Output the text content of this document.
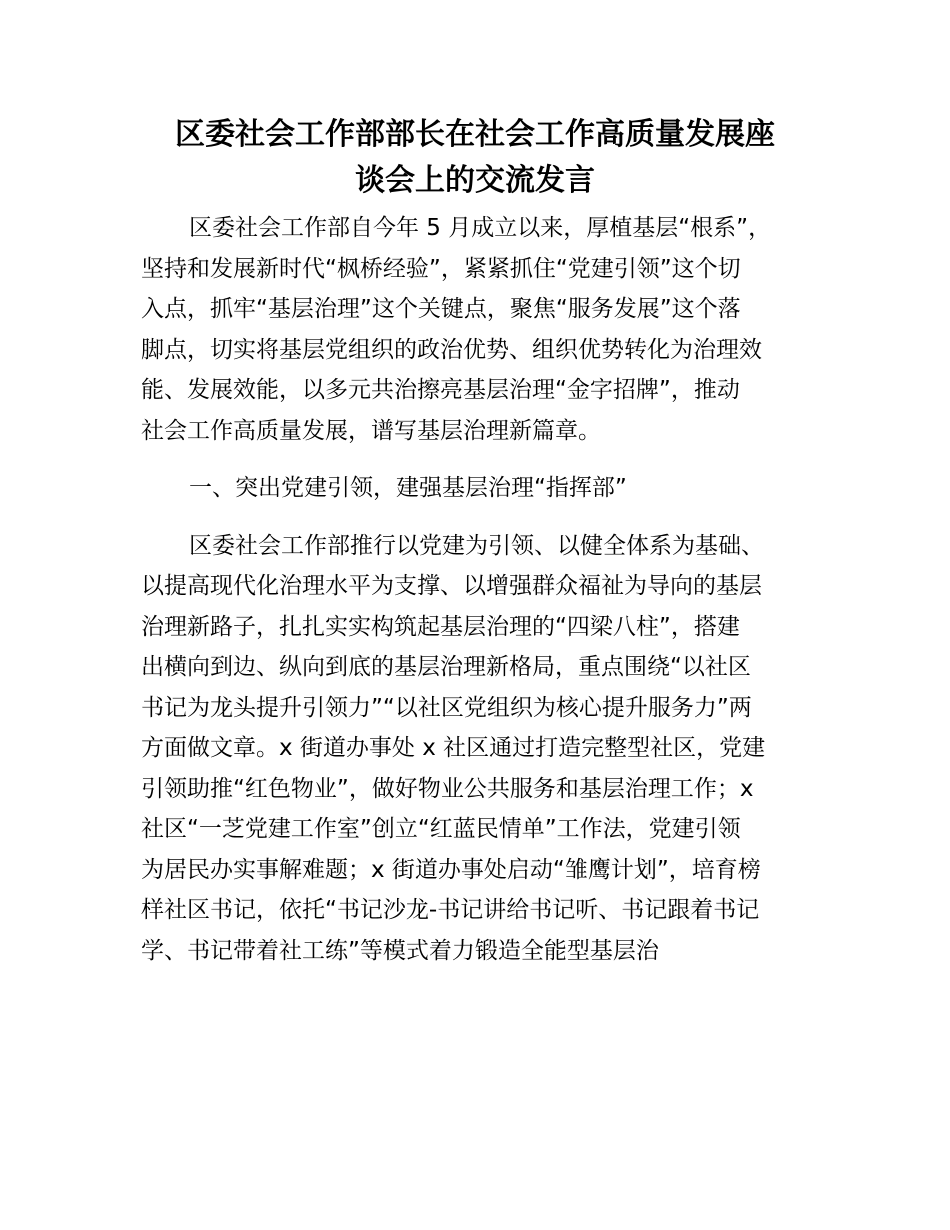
区委社会工作部部长在社会工作高质量发展座
谈会上的交流发言
区委社会工作部自今年 5 月成立以来，厚植基层“根系”，
坚持和发展新时代“枫桥经验”，紧紧抓住“党建引领”这个切
入点，抓牢“基层治理”这个关键点，聚焦“服务发展”这个落
脚点，切实将基层党组织的政治优势、组织优势转化为治理效
能、发展效能，以多元共治擦亮基层治理“金字招牌”，推动
社会工作高质量发展，谱写基层治理新篇章。
一、突出党建引领，建强基层治理“指挥部”
区委社会工作部推行以党建为引领、以健全体系为基础、
以提高现代化治理水平为支撑、以增强群众福祉为导向的基层
治理新路子，扎扎实实构筑起基层治理的“四梁八柱”，搭建
出横向到边、纵向到底的基层治理新格局，重点围绕“以社区
书记为龙头提升引领力”“以社区党组织为核心提升服务力”两
方面做文章。x 街道办事处 x 社区通过打造完整型社区，党建
引领助推“红色物业”，做好物业公共服务和基层治理工作；x
社区“一芝党建工作室”创立“红蓝民情单”工作法，党建引领
为居民办实事解难题；x 街道办事处启动“雏鹰计划”，培育榜
样社区书记，依托“书记沙龙-书记讲给书记听、书记跟着书记
学、书记带着社工练”等模式着力锻造全能型基层治
